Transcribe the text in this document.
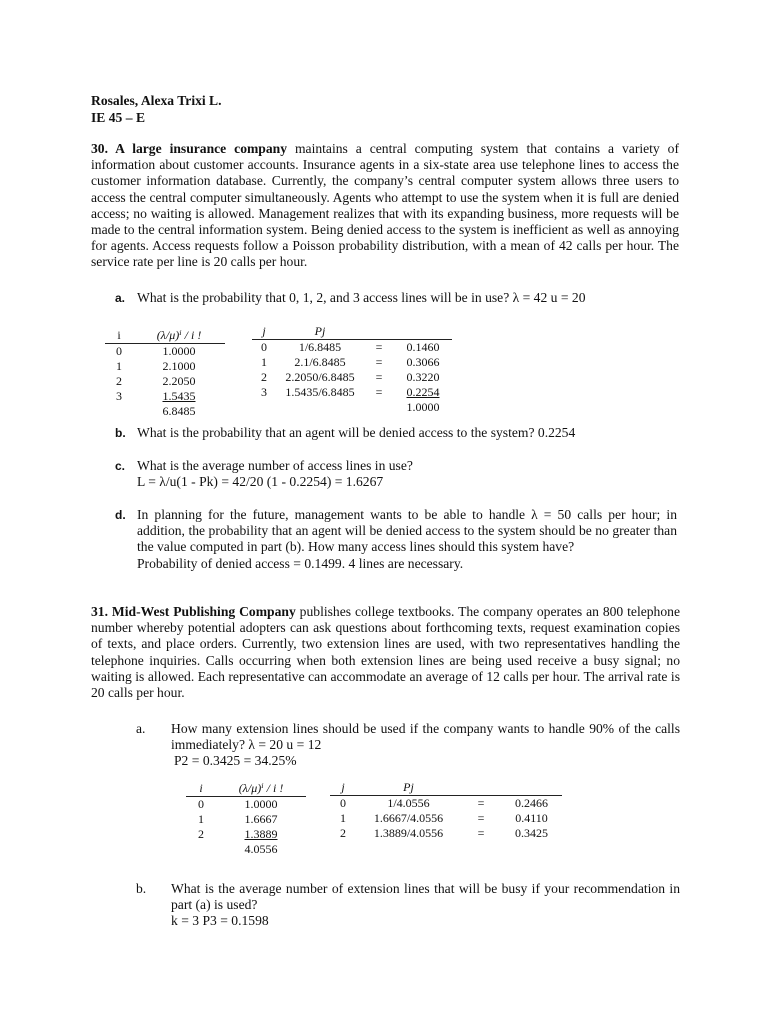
Rosales, Alexa Trixi L.
IE 45 – E
30. A large insurance company maintains a central computing system that contains a variety of information about customer accounts. Insurance agents in a six-state area use telephone lines to access the customer information database. Currently, the company’s central computer system allows three users to access the central computer simultaneously. Agents who attempt to use the system when it is full are denied access; no waiting is allowed. Management realizes that with its expanding business, more requests will be made to the central information system. Being denied access to the system is inefficient as well as annoying for agents. Access requests follow a Poisson probability distribution, with a mean of 42 calls per hour. The service rate per line is 20 calls per hour.
a. What is the probability that 0, 1, 2, and 3 access lines will be in use? λ = 42 u = 20
i	(λ/μ)ⁱ / i !
0	1.0000
1	2.1000
2	2.2050
3	1.5435
	6.8485
j	Pj		
0	1/6.8485	=	0.1460
1	2.1/6.8485	=	0.3066
2	2.2050/6.8485	=	0.3220
3	1.5435/6.8485	=	0.2254
			1.0000
b. What is the probability that an agent will be denied access to the system? 0.2254
c. What is the average number of access lines in use?
L = λ/u(1 - Pk) = 42/20 (1 - 0.2254) = 1.6267
d. In planning for the future, management wants to be able to handle λ = 50 calls per hour; in addition, the probability that an agent will be denied access to the system should be no greater than the value computed in part (b). How many access lines should this system have?
Probability of denied access = 0.1499. 4 lines are necessary.
31. Mid-West Publishing Company publishes college textbooks. The company operates an 800 telephone number whereby potential adopters can ask questions about forthcoming texts, request examination copies of texts, and place orders. Currently, two extension lines are used, with two representatives handling the telephone inquiries. Calls occurring when both extension lines are being used receive a busy signal; no waiting is allowed. Each representative can accommodate an average of 12 calls per hour. The arrival rate is 20 calls per hour.
a. How many extension lines should be used if the company wants to handle 90% of the calls immediately? λ = 20 u = 12
P2 = 0.3425 = 34.25%
i	(λ/μ)ⁱ / i !
0	1.0000
1	1.6667
2	1.3889
	4.0556
j	Pj		
0	1/4.0556	=	0.2466
1	1.6667/4.0556	=	0.4110
2	1.3889/4.0556	=	0.3425
b. What is the average number of extension lines that will be busy if your recommendation in part (a) is used?
k = 3 P3 = 0.1598
